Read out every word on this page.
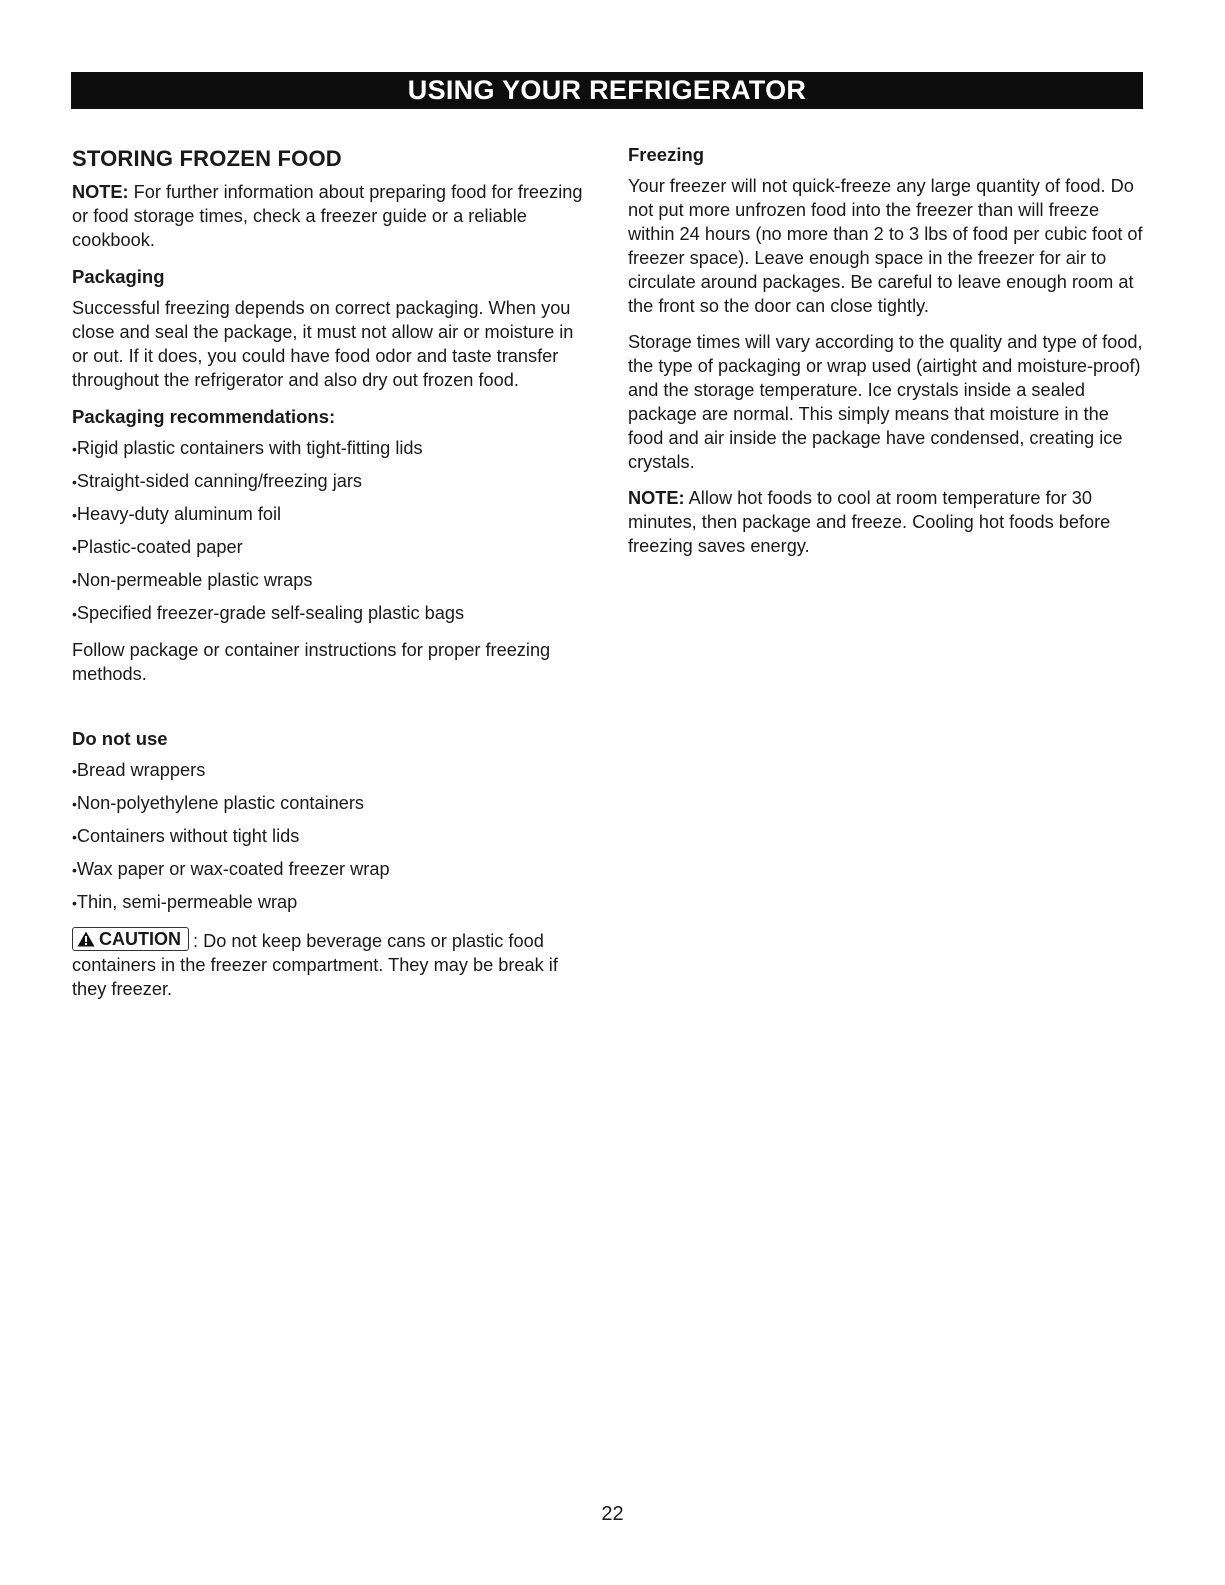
USING YOUR REFRIGERATOR
STORING FROZEN FOOD

NOTE: For further information about preparing food for freezing or food storage times, check a freezer guide or a reliable cookbook.

Packaging

Successful freezing depends on correct packaging. When you close and seal the package, it must not allow air or moisture in or out. If it does, you could have food odor and taste transfer throughout the refrigerator and also dry out frozen food.

Packaging recommendations:
• Rigid plastic containers with tight-fitting lids
• Straight-sided canning/freezing jars
• Heavy-duty aluminum foil
• Plastic-coated paper
• Non-permeable plastic wraps
• Specified freezer-grade self-sealing plastic bags

Follow package or container instructions for proper freezing methods.

Do not use
• Bread wrappers
• Non-polyethylene plastic containers
• Containers without tight lids
• Wax paper or wax-coated freezer wrap
• Thin, semi-permeable wrap

CAUTION : Do not keep beverage cans or plastic food containers in the freezer compartment. They may be break if they freezer.

Freezing

Your freezer will not quick-freeze any large quantity of food. Do not put more unfrozen food into the freezer than will freeze within 24 hours (no more than 2 to 3 lbs of food per cubic foot of freezer space). Leave enough space in the freezer for air to circulate around packages. Be careful to leave enough room at the front so the door can close tightly.

Storage times will vary according to the quality and type of food, the type of packaging or wrap used (airtight and moisture-proof) and the storage temperature. Ice crystals inside a sealed package are normal. This simply means that moisture in the food and air inside the package have condensed, creating ice crystals.

NOTE: Allow hot foods to cool at room temperature for 30 minutes, then package and freeze. Cooling hot foods before freezing saves energy.

22
